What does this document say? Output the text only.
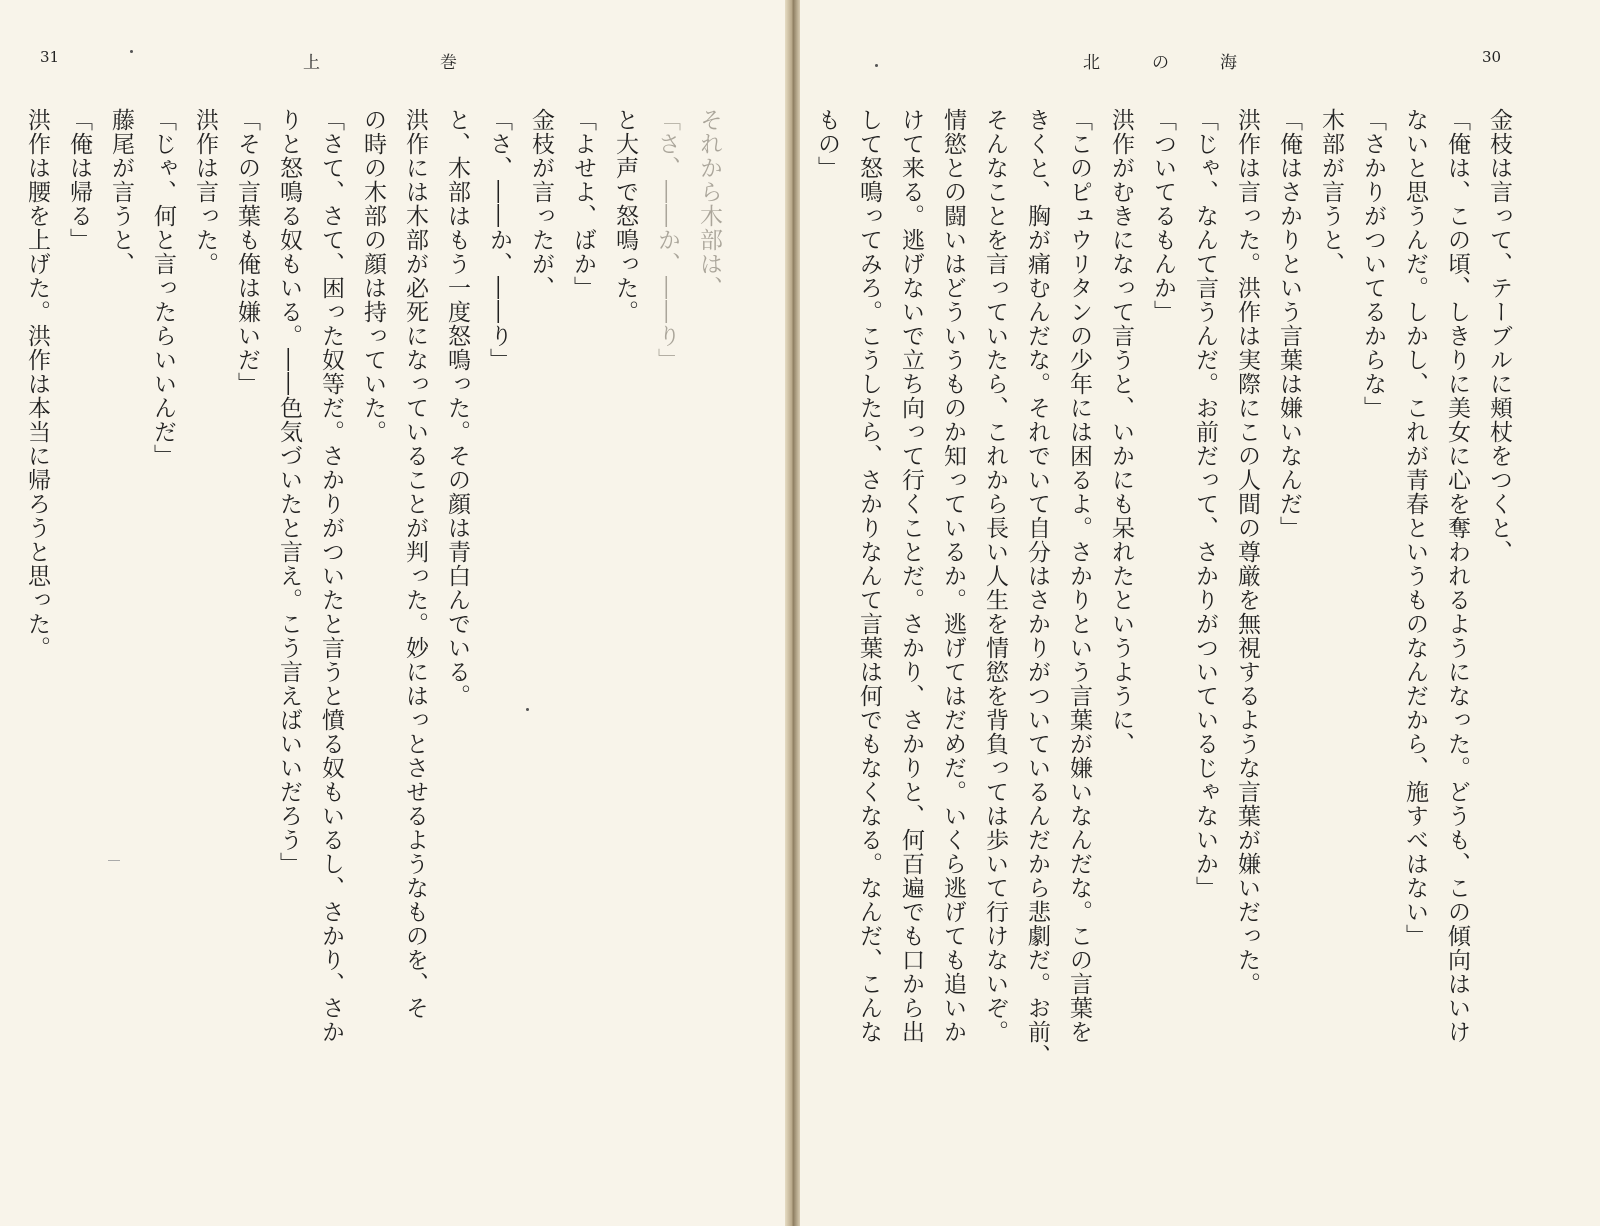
31	上	巻
それから木部は、
「さ、――か、――り」
と大声で怒鳴った。
「よせよ、ばか」
金枝が言ったが、
「さ、――か、――り」
と、木部はもう一度怒鳴った。その顔は青白んでいる。
洪作には木部が必死になっていることが判った。妙にはっとさせるようなものを、そ
の時の木部の顔は持っていた。
「さて、さて、困った奴等だ。さかりがついたと言うと憤る奴もいるし、さかり、さか
りと怒鳴る奴もいる。――色気づいたと言え。こう言えばいいだろう」
「その言葉も俺は嫌いだ」
洪作は言った。
「じゃ、何と言ったらいいんだ」
藤尾が言うと、
「俺は帰る」
洪作は腰を上げた。洪作は本当に帰ろうと思った。
北	の	海	30
金枝は言って、テーブルに頬杖をつくと、
「俺は、この頃、しきりに美女に心を奪われるようになった。どうも、この傾向はいけ
ないと思うんだ。しかし、これが青春というものなんだから、施すべはない」
「さかりがついてるからな」
木部が言うと、
「俺はさかりという言葉は嫌いなんだ」
洪作は言った。洪作は実際にこの人間の尊厳を無視するような言葉が嫌いだった。
「じゃ、なんて言うんだ。お前だって、さかりがついているじゃないか」
「ついてるもんか」
洪作がむきになって言うと、いかにも呆れたというように、
「このピュウリタンの少年には困るよ。さかりという言葉が嫌いなんだな。この言葉を
きくと、胸が痛むんだな。それでいて自分はさかりがついているんだから悲劇だ。お前、
そんなことを言っていたら、これから長い人生を情慾を背負っては歩いて行けないぞ。
情慾との闘いはどういうものか知っているか。逃げてはだめだ。いくら逃げても追いか
けて来る。逃げないで立ち向って行くことだ。さかり、さかりと、何百遍でも口から出
して怒鳴ってみろ。こうしたら、さかりなんて言葉は何でもなくなる。なんだ、こんな
もの」
